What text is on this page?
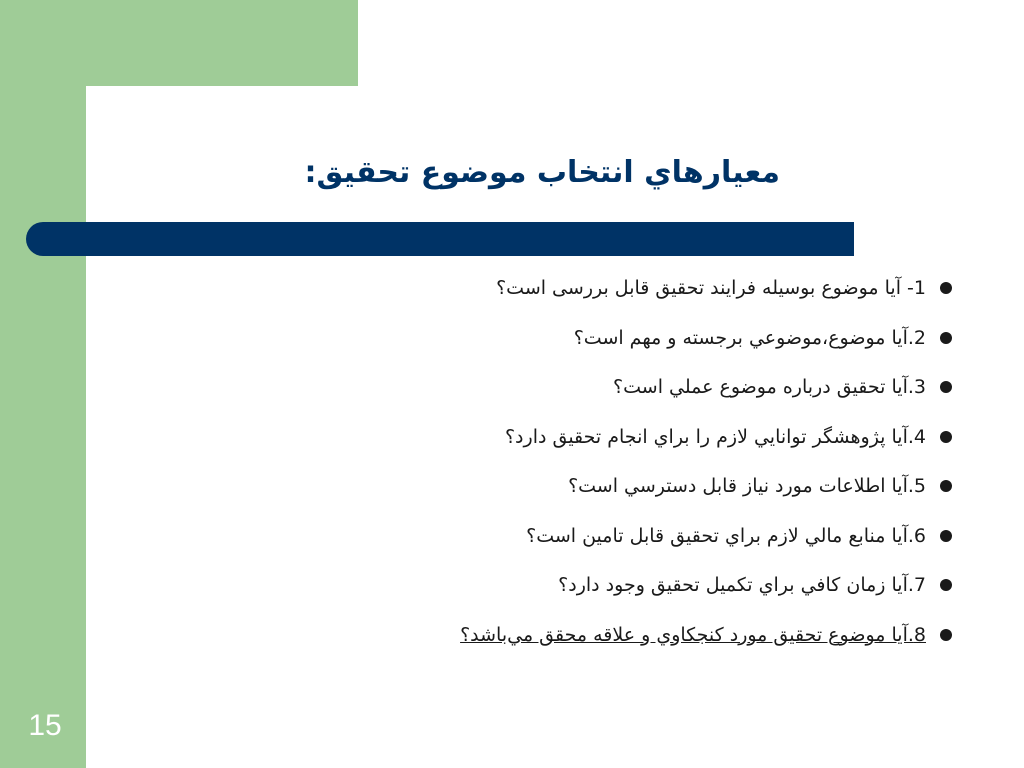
معيارهاي انتخاب موضوع تحقيق:
1- آيا موضوع بوسيله فرايند تحقيق قابل بررسی است؟
2.آيا موضوع،موضوعي برجسته و مهم است؟
3.آيا تحقيق درباره موضوع عملي است؟
4.آيا پژوهشگر توانايي لازم را براي انجام تحقيق دارد؟
5.آيا اطلاعات مورد نياز قابل دسترسي است؟
6.آيا منابع مالي لازم براي تحقيق قابل تامين است؟
7.آيا زمان كافي براي تكميل تحقيق وجود دارد؟
8.آيا موضوع تحقيق مورد كنجكاوي و علاقه محقق مي‌باشد؟
15
